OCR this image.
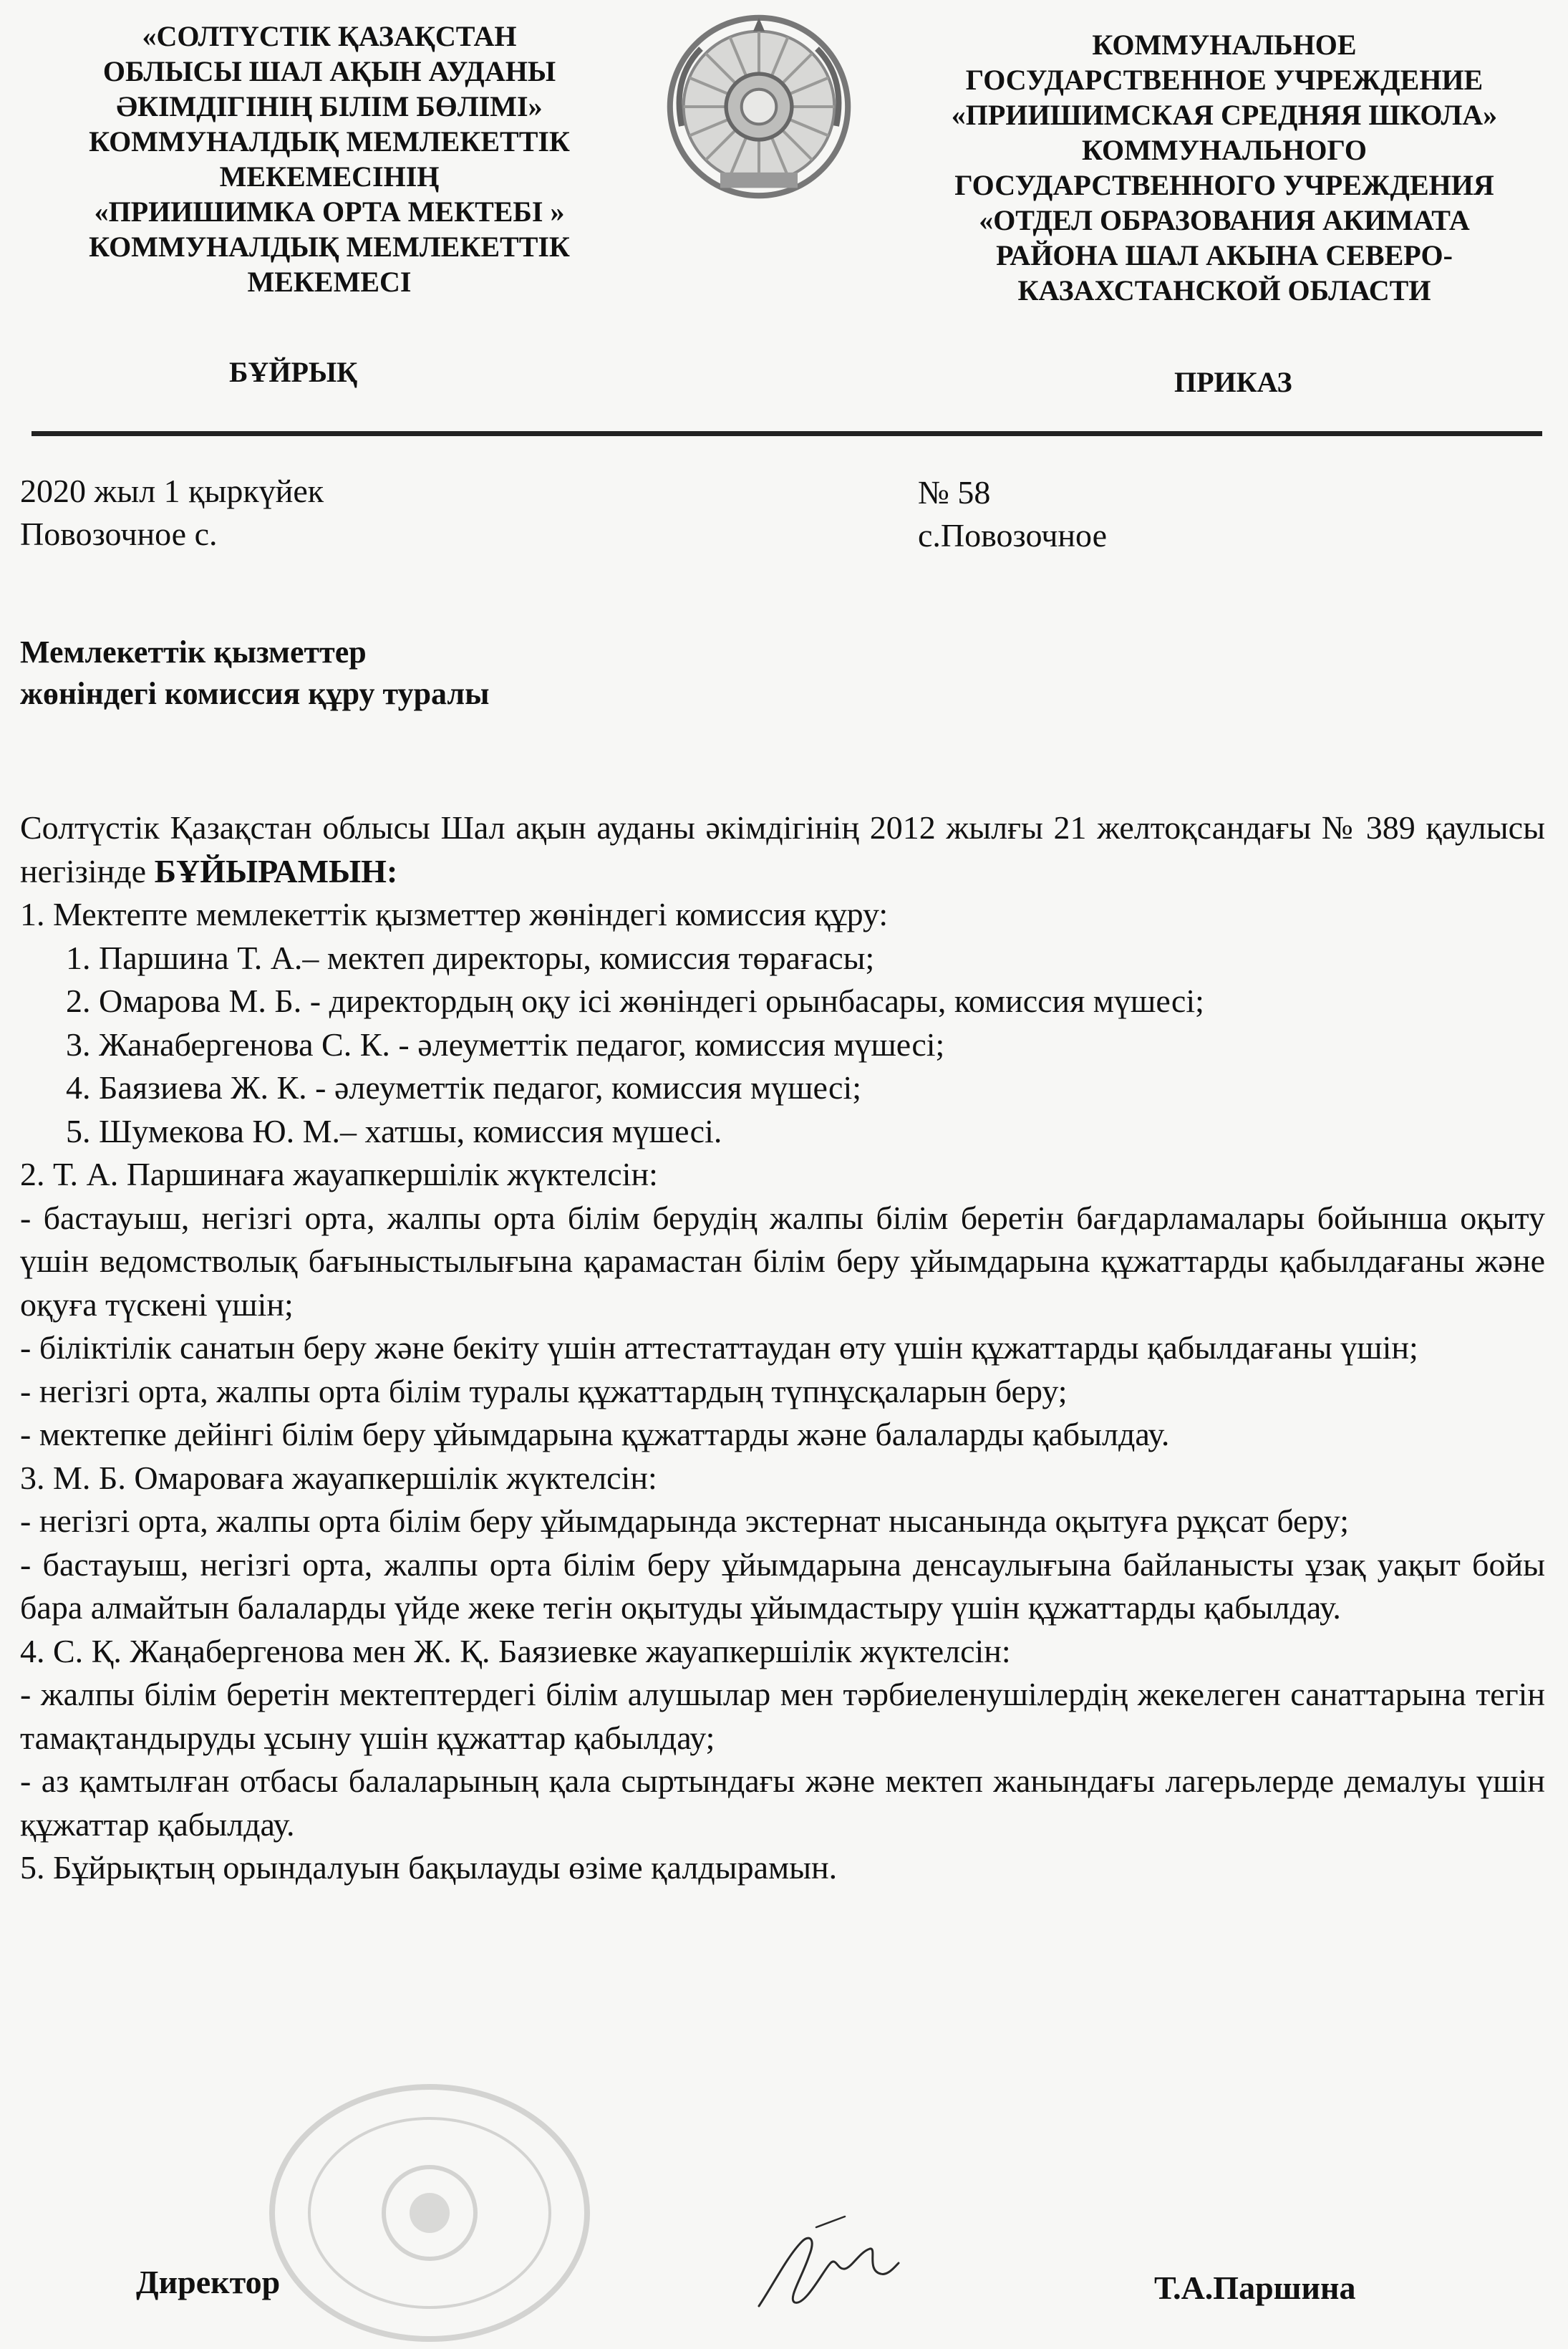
«СОЛТҮСТІК ҚАЗАҚСТАН
ОБЛЫСЫ ШАЛ АҚЫН АУДАНЫ
ӘКІМДІГІНІҢ БІЛІМ БӨЛІМІ»
КОММУНАЛДЫҚ МЕМЛЕКЕТТІК
МЕКЕМЕСІНІҢ
«ПРИИШИМКА ОРТА МЕКТЕБІ »
КОММУНАЛДЫҚ МЕМЛЕКЕТТІК
МЕКЕМЕСІ
БҰЙРЫҚ
КОММУНАЛЬНОЕ
ГОСУДАРСТВЕННОЕ УЧРЕЖДЕНИЕ
«ПРИИШИМСКАЯ СРЕДНЯЯ ШКОЛА»
КОММУНАЛЬНОГО
ГОСУДАРСТВЕННОГО УЧРЕЖДЕНИЯ
«ОТДЕЛ ОБРАЗОВАНИЯ АКИМАТА
РАЙОНА ШАЛ АКЫНА СЕВЕРО-
КАЗАХСТАНСКОЙ ОБЛАСТИ
ПРИКАЗ
2020 жыл 1 қыркүйек
Повозочное с.
№ 58
с.Повозочное
Мемлекеттік қызметтер
жөніндегі комиссия құру туралы

Солтүстік Қазақстан облысы Шал ақын ауданы әкімдігінің 2012 жылғы 21 желтоқсандағы № 389 қаулысы негізінде БҰЙЫРАМЫН:

1. Мектепте мемлекеттік қызметтер жөніндегі комиссия құру:

1. Паршина Т. А.– мектеп директоры, комиссия төрағасы;

2. Омарова М. Б. - директордың оқу ісі жөніндегі орынбасары, комиссия мүшесі;

3. Жанабергенова С. К. - әлеуметтік педагог, комиссия мүшесі;

4. Баязиева Ж. К. - әлеуметтік педагог, комиссия мүшесі;

5. Шумекова Ю. М.– хатшы, комиссия мүшесі.

2. Т. А. Паршинаға жауапкершілік жүктелсін:

- бастауыш, негізгі орта, жалпы орта білім берудің жалпы білім беретін бағдарламалары бойынша оқыту үшін ведомстволық бағыныстылығына қарамастан білім беру ұйымдарына құжаттарды қабылдағаны және оқуға түскені үшін;

- біліктілік санатын беру және бекіту үшін аттестаттаудан өту үшін құжаттарды қабылдағаны үшін;

- негізгі орта, жалпы орта білім туралы құжаттардың түпнұсқаларын беру;

- мектепке дейінгі білім беру ұйымдарына құжаттарды және балаларды қабылдау.

3. М. Б. Омароваға жауапкершілік жүктелсін:

- негізгі орта, жалпы орта білім беру ұйымдарында экстернат нысанында оқытуға рұқсат беру;

- бастауыш, негізгі орта, жалпы орта білім беру ұйымдарына денсаулығына байланысты ұзақ уақыт бойы бара алмайтын балаларды үйде жеке тегін оқытуды ұйымдастыру үшін құжаттарды қабылдау.

4. С. Қ. Жаңабергенова мен Ж. Қ. Баязиевке жауапкершілік жүктелсін:

- жалпы білім беретін мектептердегі білім алушылар мен тәрбиеленушілердің жекелеген санаттарына тегін тамақтандыруды ұсыну үшін құжаттар қабылдау;

- аз қамтылған отбасы балаларының қала сыртындағы және мектеп жанындағы лагерьлерде демалуы үшін құжаттар қабылдау.

5. Бұйрықтың орындалуын бақылауды өзіме қалдырамын.

Директор	Т.А.Паршина
